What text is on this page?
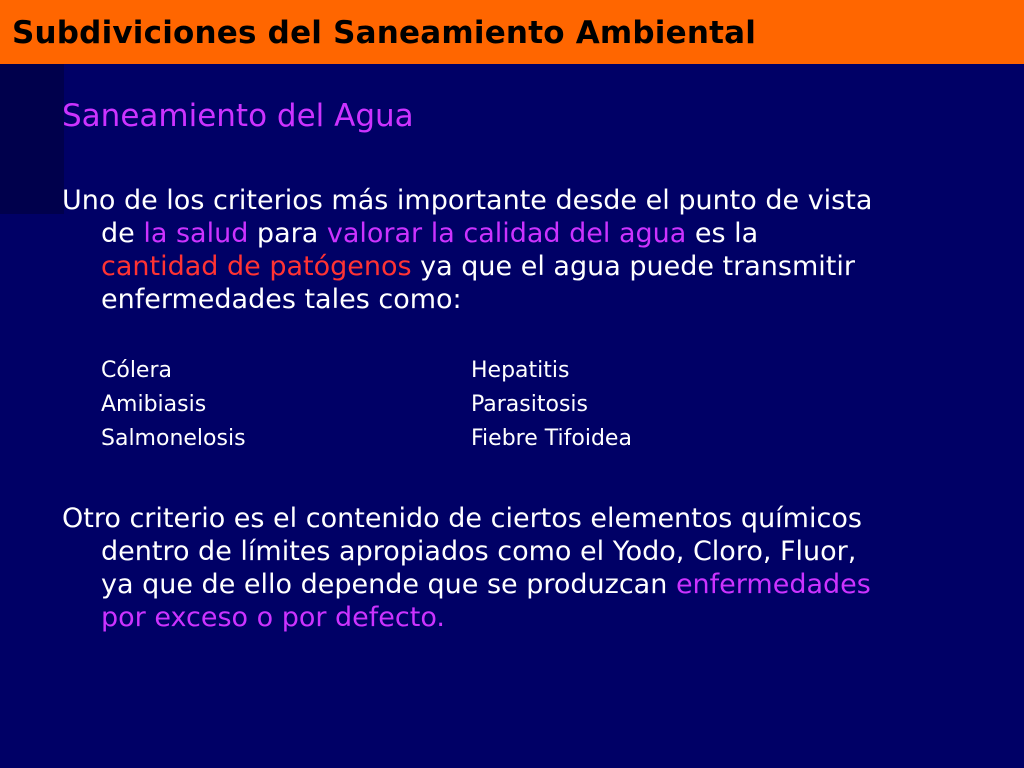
Subdiviciones del Saneamiento Ambiental
Saneamiento del Agua

Uno de los criterios más importante desde el punto de vista
de la salud para valorar la calidad del agua es la
cantidad de patógenos ya que el agua puede transmitir
enfermedades tales como:

Cólera
Amibiasis
Salmonelosis
Hepatitis
Parasitosis
Fiebre Tifoidea

Otro criterio es el contenido de ciertos elementos químicos
dentro de límites apropiados como el Yodo, Cloro, Fluor,
ya que de ello depende que se produzcan enfermedades
por exceso o por defecto.
